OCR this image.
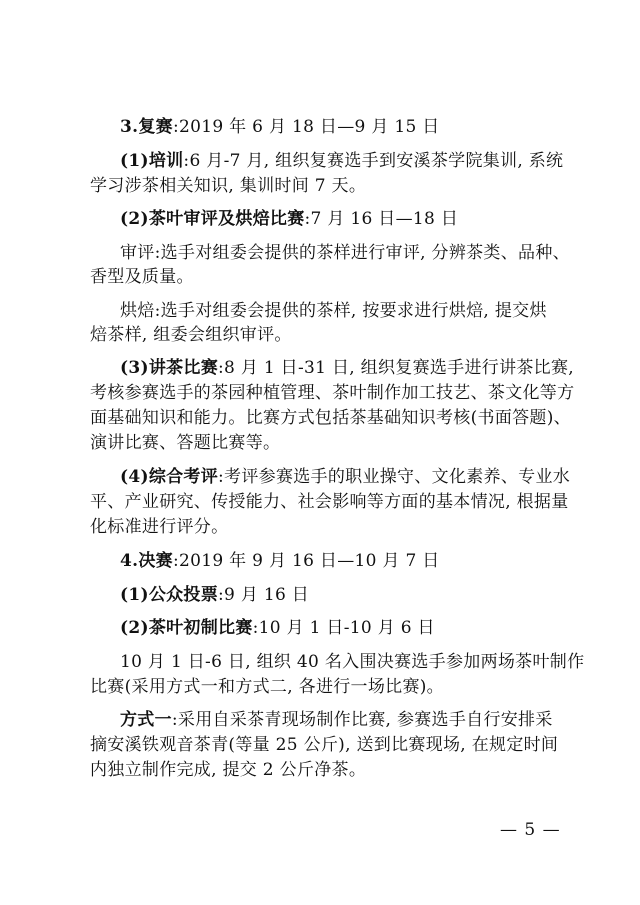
3.复赛:2019 年 6 月 18 日—9 月 15 日
(1)培训:6 月-7 月, 组织复赛选手到安溪茶学院集训, 系统
学习涉茶相关知识, 集训时间 7 天。
(2)茶叶审评及烘焙比赛:7 月 16 日—18 日
审评:选手对组委会提供的茶样进行审评, 分辨茶类、品种、
香型及质量。
烘焙:选手对组委会提供的茶样, 按要求进行烘焙, 提交烘
焙茶样, 组委会组织审评。
(3)讲茶比赛:8 月 1 日-31 日, 组织复赛选手进行讲茶比赛,
考核参赛选手的茶园种植管理、茶叶制作加工技艺、茶文化等方
面基础知识和能力。比赛方式包括茶基础知识考核(书面答题)、
演讲比赛、答题比赛等。
(4)综合考评:考评参赛选手的职业操守、文化素养、专业水
平、产业研究、传授能力、社会影响等方面的基本情况, 根据量
化标准进行评分。
4.决赛:2019 年 9 月 16 日—10 月 7 日
(1)公众投票:9 月 16 日
(2)茶叶初制比赛:10 月 1 日-10 月 6 日
10 月 1 日-6 日, 组织 40 名入围决赛选手参加两场茶叶制作
比赛(采用方式一和方式二, 各进行一场比赛)。
方式一:采用自采茶青现场制作比赛, 参赛选手自行安排采
摘安溪铁观音茶青(等量 25 公斤), 送到比赛现场, 在规定时间
内独立制作完成, 提交 2 公斤净茶。
— 5 —
